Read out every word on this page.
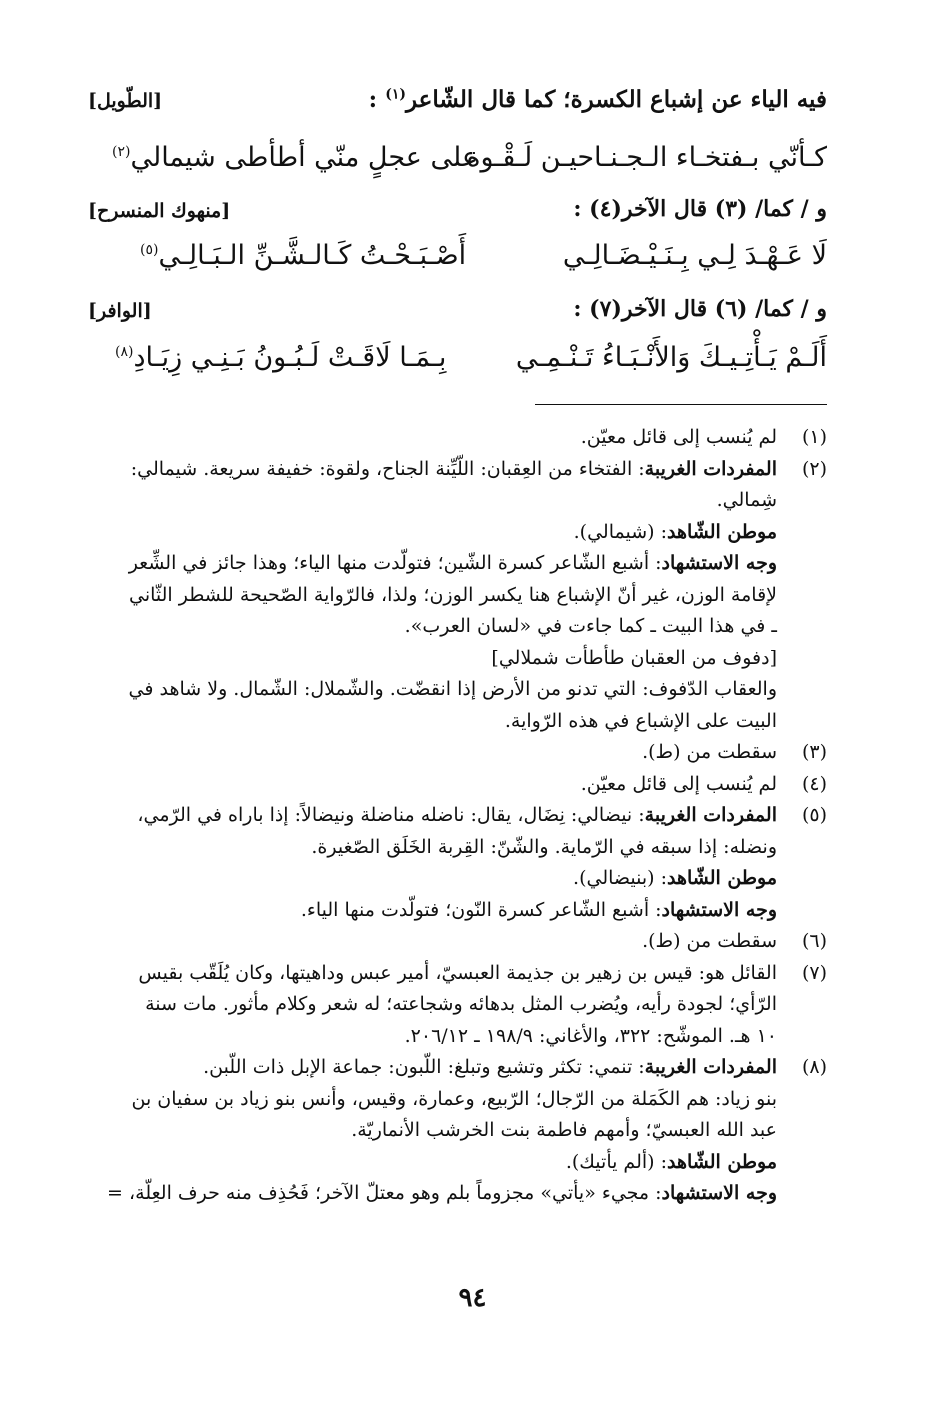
فيه الياء عن إشباع الكسرة؛ كما قال الشّاعر$^{(١)}$ :
[الطّويل]
كـأنّي بـفتخـاء الـجـنـاحيـن لَـقْـوة
على عجلٍ منّي أطأطى شيمالي$^{(٢)}$
و / كما/ (٣) قال الآخر(٤) :
[منهوك المنسرح]
لَا عَـهْـدَ لِـي بِـنَـيْـضَـالِـي
أَصْـبَـحْـتُ كَـالـشَّـنِّ الـبَـالِـي$^{(٥)}$
و / كما/ (٦) قال الآخر(٧) :
[الوافر]
أَلَـمْ يَـأْتِـيـكَ وَالأَنْـبَـاءُ تَـنْـمِـي
بِـمَـا لَاقَـتْ لَـبُـونُ بَـنِـي زِيَـادِ$^{(٨)}$
(١)
لم يُنسب إلى قائل معيّن.
(٢)
المفردات الغريبة: الفتخاء من العِقبان: اللّيِّنة الجناح، ولقوة: خفيفة سريعة. شيمالي:
شِمالي.
موطن الشّاهد: (شيمالي).
وجه الاستشهاد: أشبع الشّاعر كسرة الشّين؛ فتولّدت منها الياء؛ وهذا جائز في الشِّعر
لإقامة الوزن، غير أنّ الإشباع هنا يكسر الوزن؛ ولذا، فالرّواية الصّحيحة للشطر الثّاني
ـ في هذا البيت ـ كما جاءت في «لسان العرب».
[دفوف من العقبان طأطأت شملالي]
والعقاب الدّفوف: التي تدنو من الأرض إذا انقضّت. والشّملال: الشّمال. ولا شاهد في
البيت على الإشباع في هذه الرّواية.
(٣)
سقطت من (ط).
(٤)
لم يُنسب إلى قائل معيّن.
(٥)
المفردات الغريبة: نيضالي: نِضَال، يقال: ناضله مناضلة ونيضالاً: إذا باراه في الرّمي،
ونضله: إذا سبقه في الرّماية. والشّنّ: القِربة الخَلَق الصّغيرة.
موطن الشّاهد: (بنيضالي).
وجه الاستشهاد: أشبع الشّاعر كسرة النّون؛ فتولّدت منها الياء.
(٦)
سقطت من (ط).
(٧)
القائل هو: قيس بن زهير بن جذيمة العبسيّ، أمير عبس وداهيتها، وكان يُلَقّب بقيس
الرّأي؛ لجودة رأيه، ويُضرب المثل بدهائه وشجاعته؛ له شعر وكلام مأثور. مات سنة
١٠ هـ. الموشّح: ٣٢٢، والأغاني: ١٩٨/٩ ـ ٢٠٦/١٢.
(٨)
المفردات الغريبة: تنمي: تكثر وتشيع وتبلغ: اللّبون: جماعة الإبل ذات اللّبن.
بنو زياد: هم الكَمَلة من الرّجال؛ الرّبيع، وعمارة، وقيس، وأنس بنو زياد بن سفيان بن
عبد الله العبسيّ؛ وأمهم فاطمة بنت الخرشب الأنماريّة.
موطن الشّاهد: (ألم يأتيك).
وجه الاستشهاد: مجيء «يأتي» مجزوماً بلم وهو معتلّ الآخر؛ فَحُذِف منه حرف العِلّة، =
٩٤
